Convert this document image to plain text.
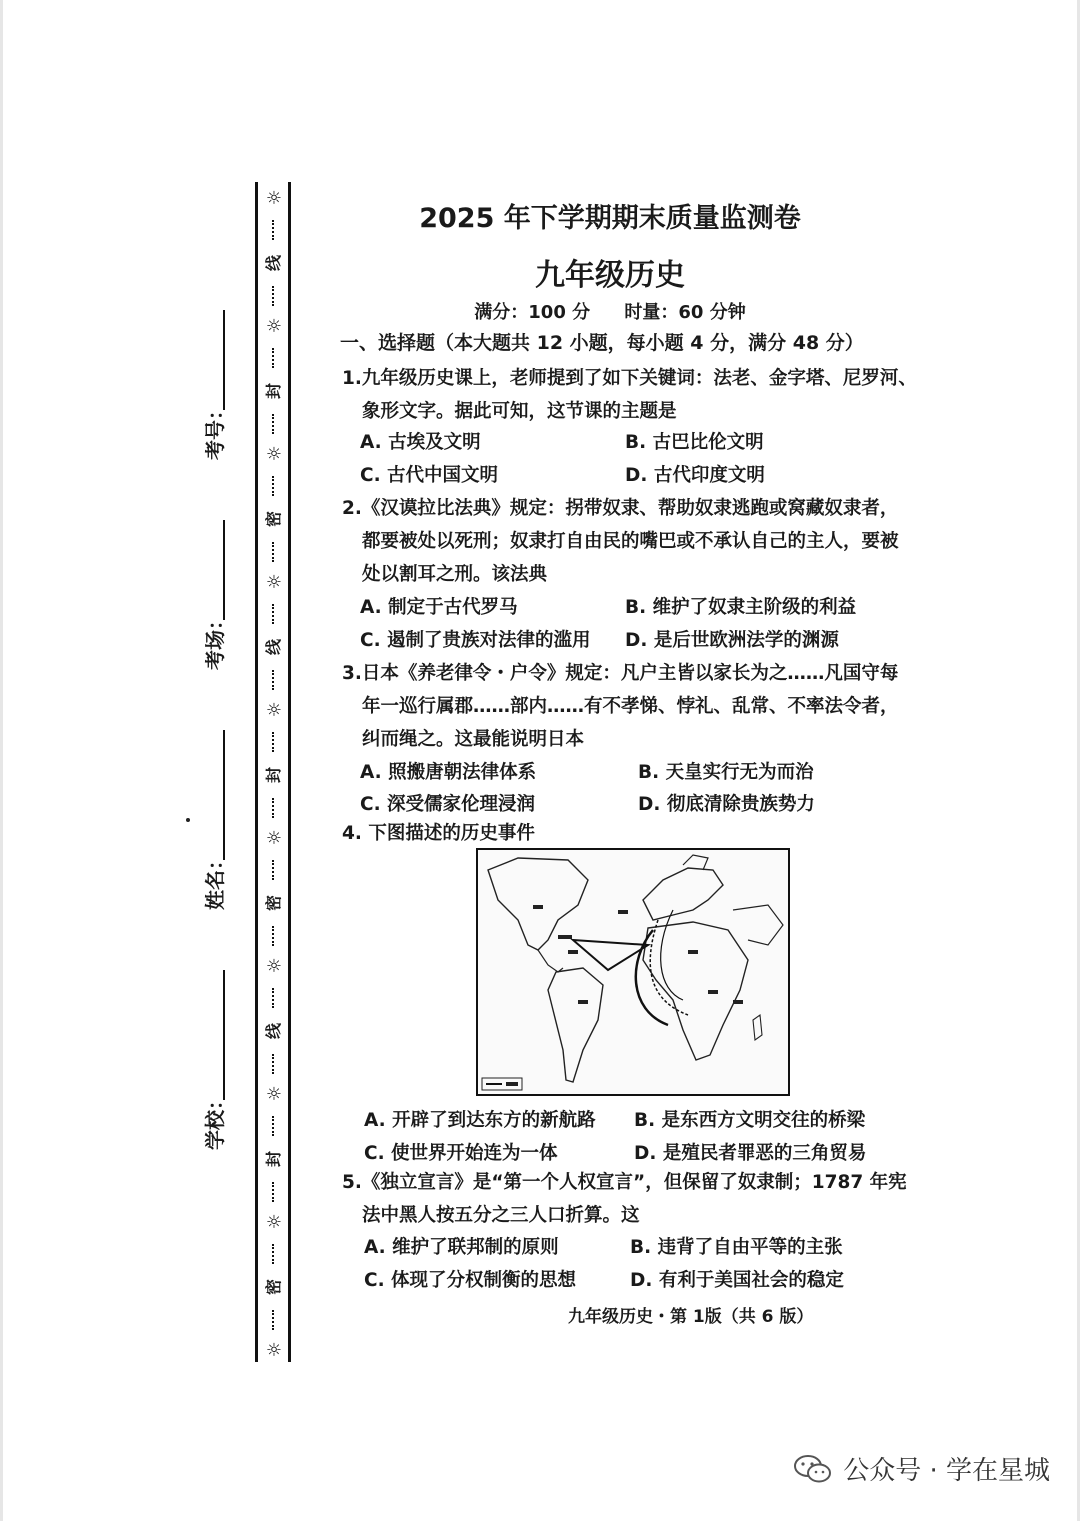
☼
线
☼
封
☼
密
☼
线
☼
封
☼
密
☼
线
☼
封
☼
密
☼
考号：
考场：
姓名：
学校：
2025 年下学期期末质量监测卷
九年级历史
满分：100 分 时量：60 分钟
一、选择题（本大题共 12 小题，每小题 4 分，满分 48 分）
1.九年级历史课上，老师提到了如下关键词：法老、金字塔、尼罗河、
象形文字。据此可知，这节课的主题是
A. 古埃及文明	B. 古巴比伦文明
C. 古代中国文明	D. 古代印度文明
2.《汉谟拉比法典》规定：拐带奴隶、帮助奴隶逃跑或窝藏奴隶者，
都要被处以死刑；奴隶打自由民的嘴巴或不承认自己的主人，要被
处以割耳之刑。该法典
A. 制定于古代罗马	B. 维护了奴隶主阶级的利益
C. 遏制了贵族对法律的滥用 D. 是后世欧洲法学的渊源
3.日本《养老律令・户令》规定：凡户主皆以家长为之……凡国守每
年一巡行属郡……部内……有不孝悌、悖礼、乱常、不率法令者，
纠而绳之。这最能说明日本
A. 照搬唐朝法律体系	B. 天皇实行无为而治
C. 深受儒家伦理浸润	D. 彻底清除贵族势力
4. 下图描述的历史事件
A. 开辟了到达东方的新航路 B. 是东西方文明交往的桥梁
C. 使世界开始连为一体	D. 是殖民者罪恶的三角贸易
5.《独立宣言》是“第一个人权宣言”，但保留了奴隶制；1787 年宪
法中黑人按五分之三人口折算。这
A. 维护了联邦制的原则	B. 违背了自由平等的主张
C. 体现了分权制衡的思想	D. 有利于美国社会的稳定
九年级历史・第 1版（共 6 版）
公众号 · 学在星城
